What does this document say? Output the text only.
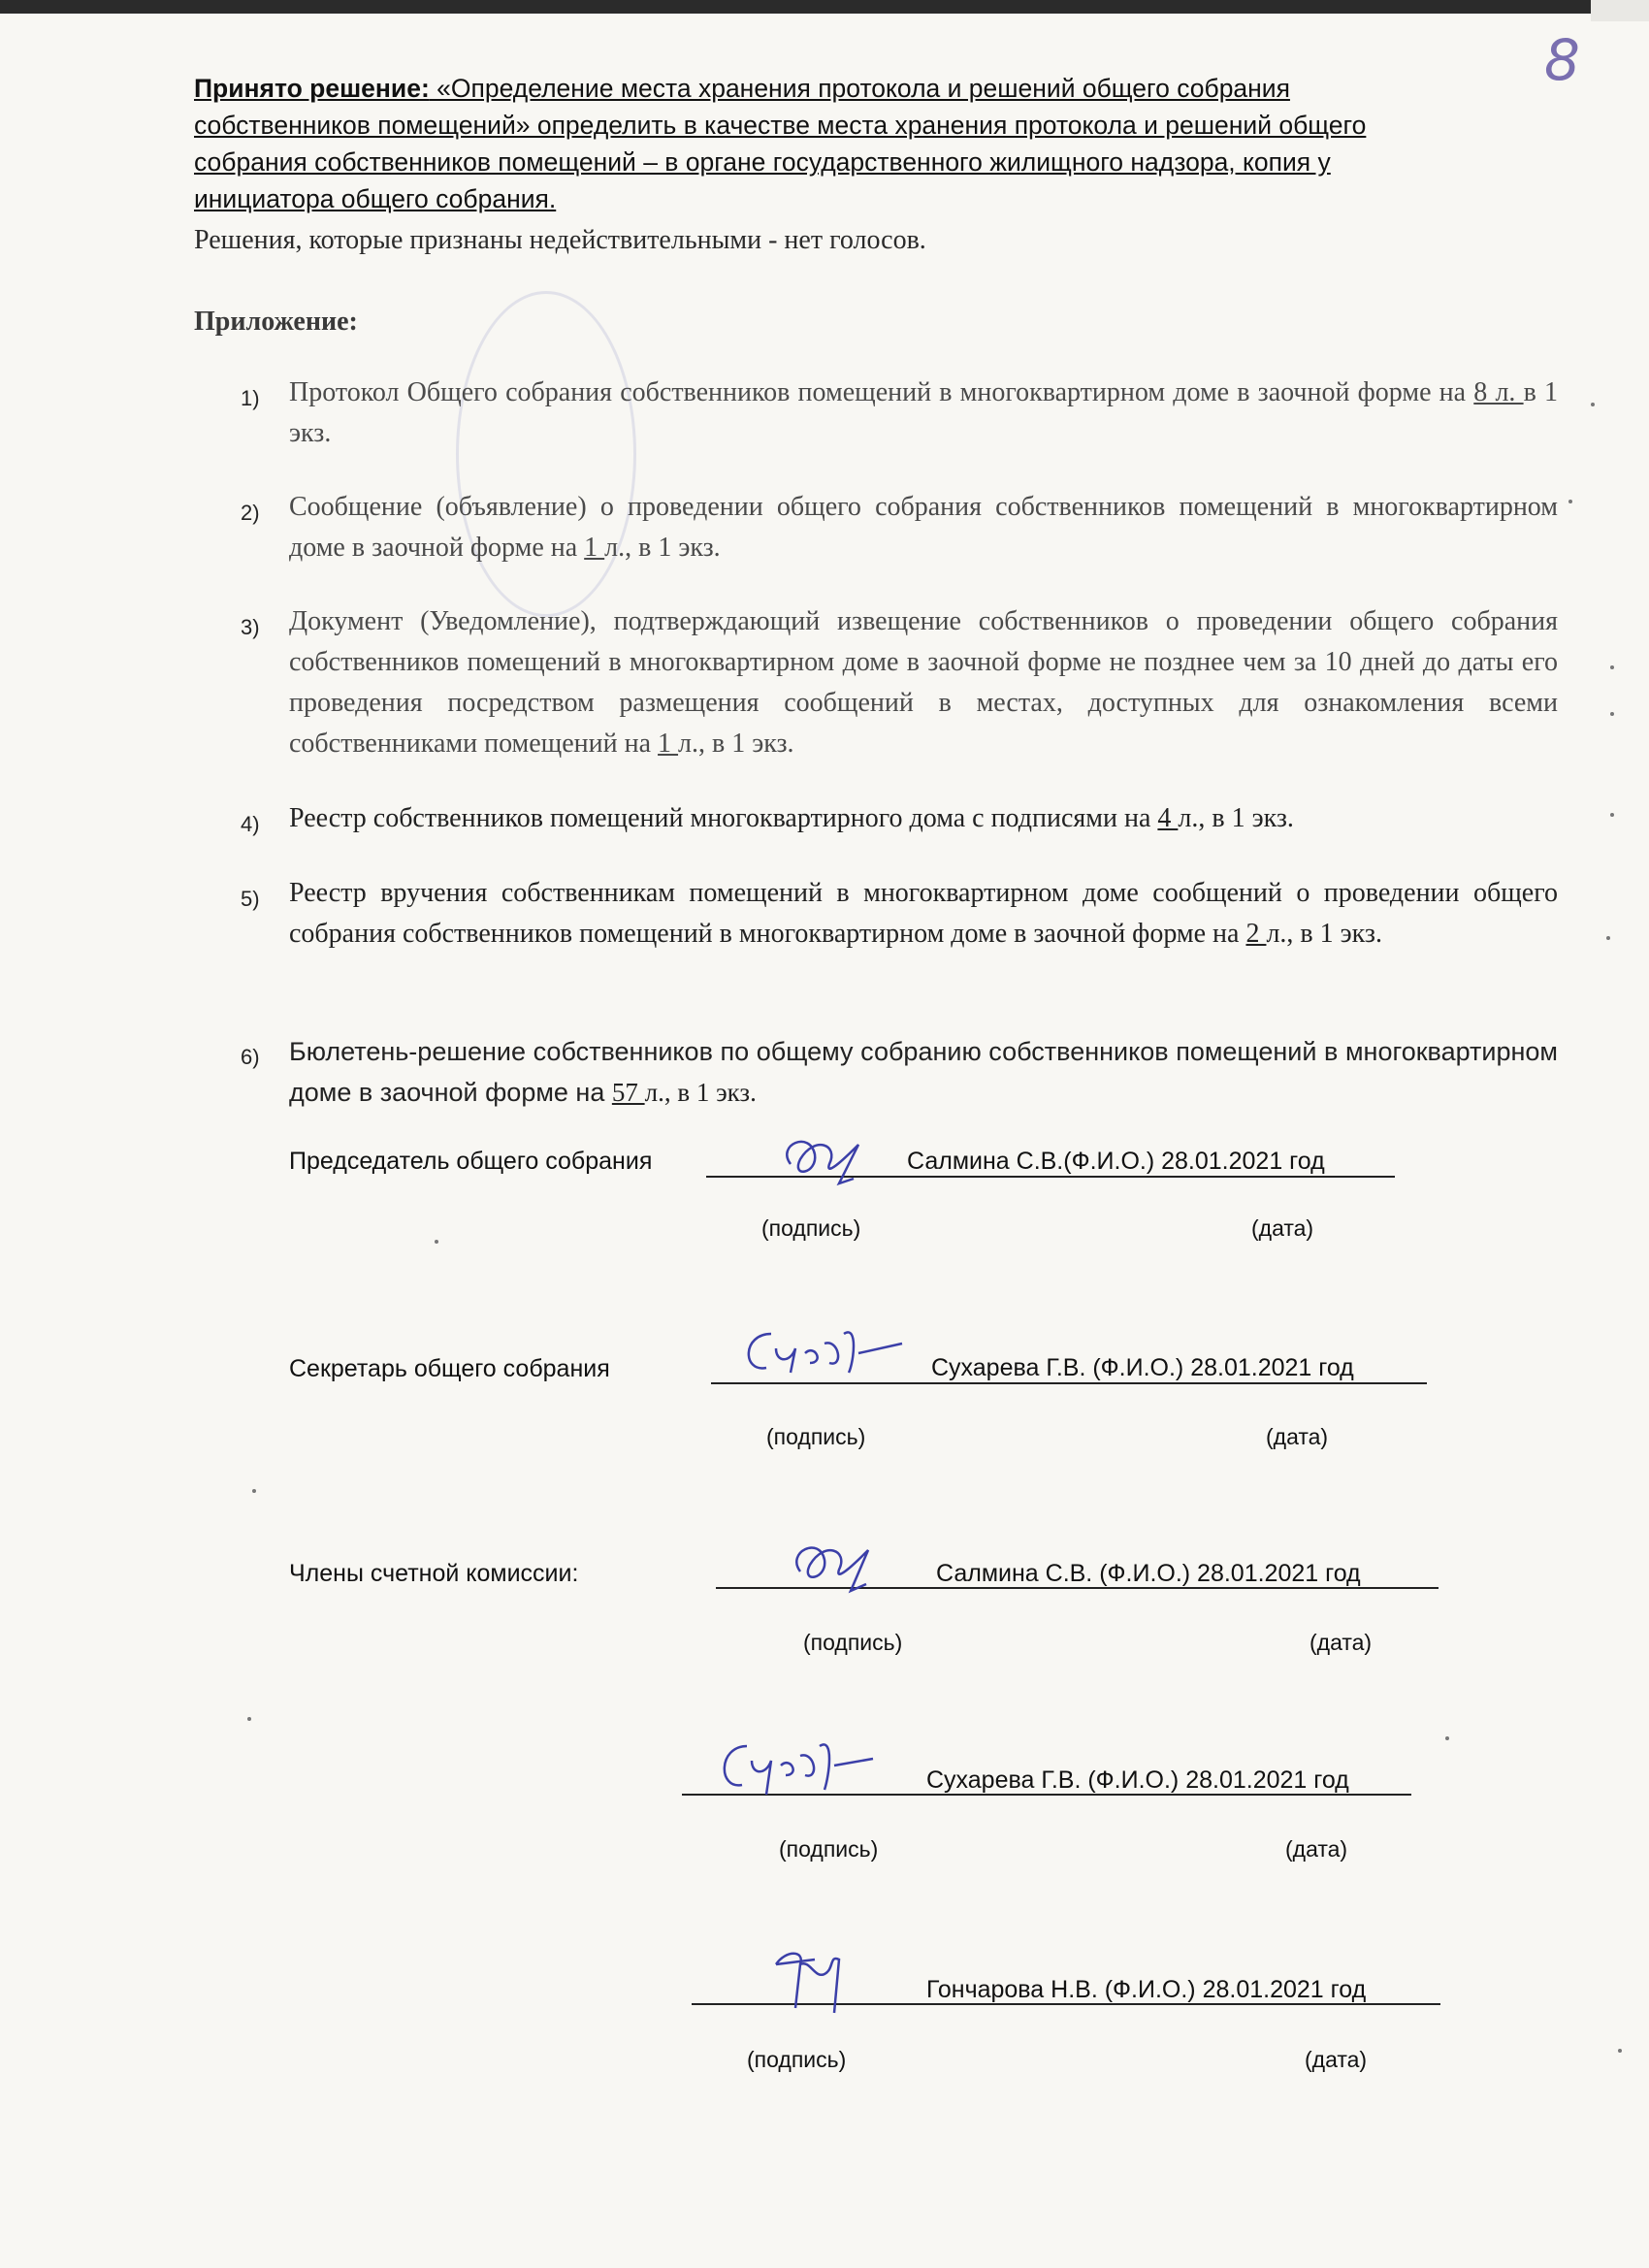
8
Принято решение: «Определение места хранения протокола и решений общего собрания
собственников помещений» определить в качестве места хранения протокола и решений общего
собрания собственников помещений – в органе государственного жилищного надзора, копия у
инициатора общего собрания.
Решения, которые признаны недействительными - нет голосов.
Приложение:
1) Протокол Общего собрания собственников помещений в многоквартирном доме в заочной форме на 8 л. в 1 экз.
2) Сообщение (объявление) о проведении общего собрания собственников помещений в многоквартирном доме в заочной форме на 1 л., в 1 экз.
3) Документ (Уведомление), подтверждающий извещение собственников о проведении общего собрания собственников помещений в многоквартирном доме в заочной форме не позднее чем за 10 дней до даты его проведения посредством размещения сообщений в местах, доступных для ознакомления всеми собственниками помещений на 1 л., в 1 экз.
4) Реестр собственников помещений многоквартирного дома с подписями на 4 л., в 1 экз.
5) Реестр вручения собственникам помещений в многоквартирном доме сообщений о проведении общего собрания собственников помещений в многоквартирном доме в заочной форме на 2 л., в 1 экз.
6) Бюлетень-решение собственников по общему собранию собственников помещений в многоквартирном доме в заочной форме на 57 л., в 1 экз.
Председатель общего собрания	Салмина С.В.(Ф.И.О.) 28.01.2021 год
(подпись)	(дата)
Секретарь общего собрания	Сухарева Г.В. (Ф.И.О.) 28.01.2021 год
(подпись)	(дата)
Члены счетной комиссии:	Салмина С.В. (Ф.И.О.) 28.01.2021 год
(подпись)	(дата)
Сухарева Г.В. (Ф.И.О.) 28.01.2021 год
(подпись)	(дата)
Гончарова Н.В. (Ф.И.О.) 28.01.2021 год
(подпись)	(дата)
